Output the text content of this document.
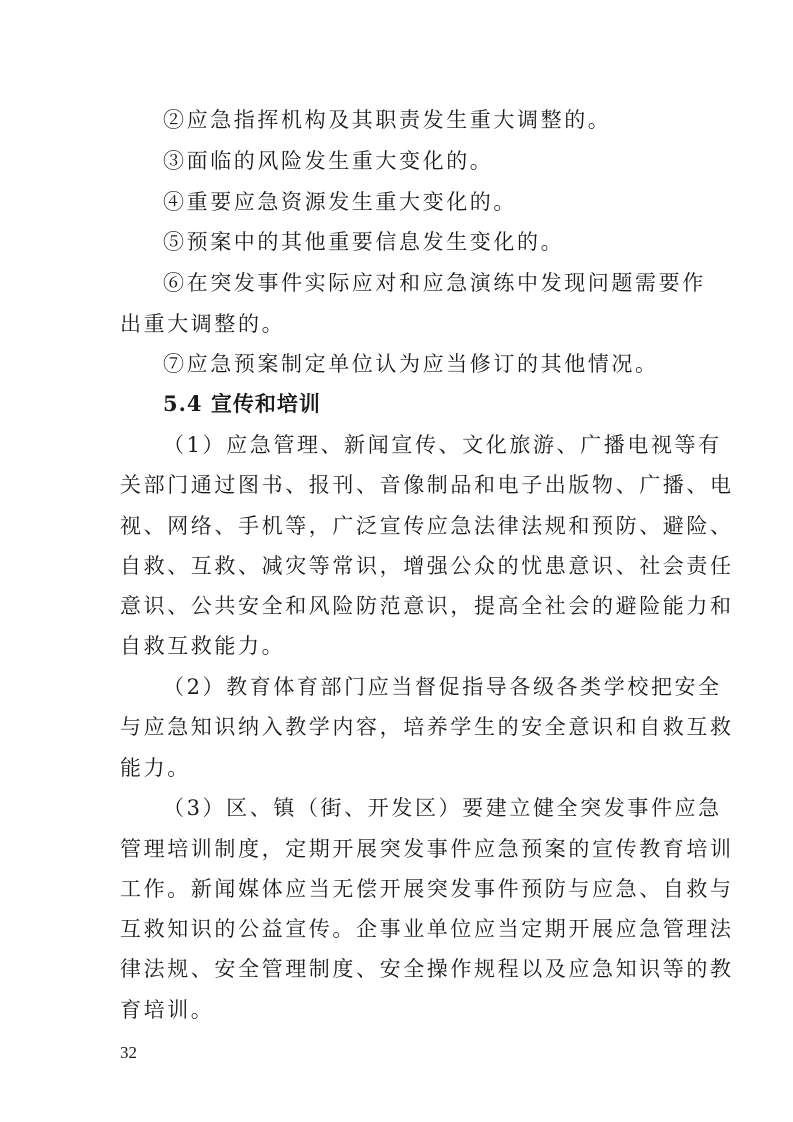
②应急指挥机构及其职责发生重大调整的。
③面临的风险发生重大变化的。
④重要应急资源发生重大变化的。
⑤预案中的其他重要信息发生变化的。
⑥在突发事件实际应对和应急演练中发现问题需要作
出重大调整的。
⑦应急预案制定单位认为应当修订的其他情况。
5.4 宣传和培训
（1）应急管理、新闻宣传、文化旅游、广播电视等有
关部门通过图书、报刊、音像制品和电子出版物、广播、电
视、网络、手机等，广泛宣传应急法律法规和预防、避险、
自救、互救、减灾等常识，增强公众的忧患意识、社会责任
意识、公共安全和风险防范意识，提高全社会的避险能力和
自救互救能力。
（2）教育体育部门应当督促指导各级各类学校把安全
与应急知识纳入教学内容，培养学生的安全意识和自救互救
能力。
（3）区、镇（街、开发区）要建立健全突发事件应急
管理培训制度，定期开展突发事件应急预案的宣传教育培训
工作。新闻媒体应当无偿开展突发事件预防与应急、自救与
互救知识的公益宣传。企事业单位应当定期开展应急管理法
律法规、安全管理制度、安全操作规程以及应急知识等的教
育培训。
32
